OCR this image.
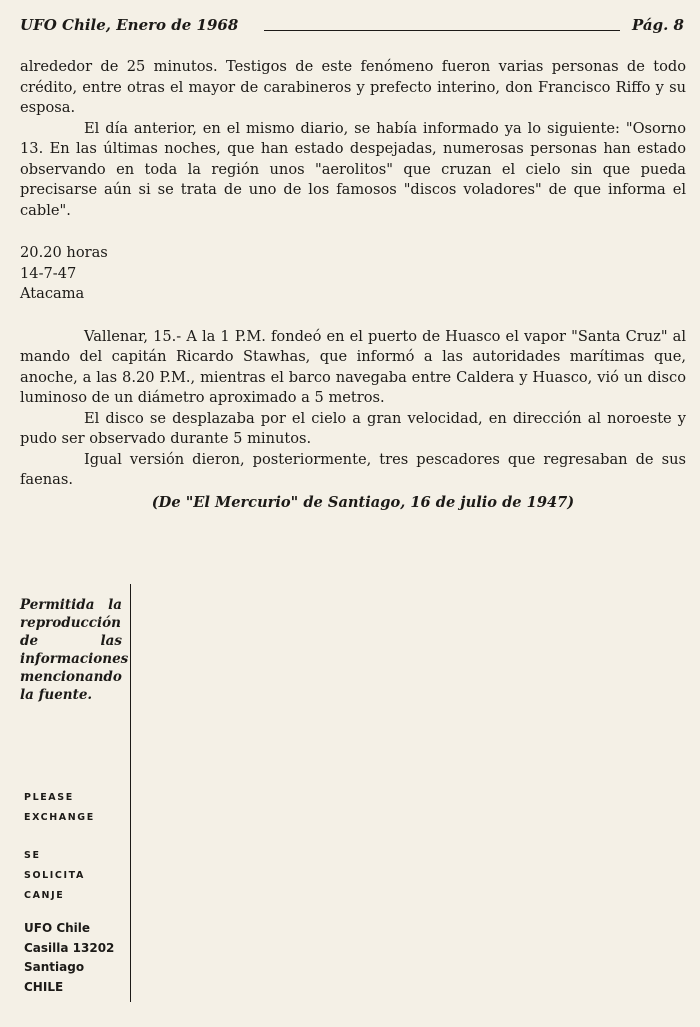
UFO Chile, Enero de 1968	Pág. 8

alrededor de 25 minutos. Testigos de este fenómeno fueron varias personas de todo crédito, entre otras el mayor de carabineros y prefecto interino, don Francisco Riffo y su esposa.

El día anterior, en el mismo diario, se había informado ya lo siguiente: "Osorno 13. En las últimas noches, que han estado despejadas, numerosas personas han estado observando en toda la región unos "aerolitos" que cruzan el cielo sin que pueda precisarse aún si se trata de uno de los famosos "discos voladores" de que informa el cable".

20.20 horas

14-7-47

Atacama

Vallenar, 15.- A la 1 P.M. fondeó en el puerto de Huasco el vapor "Santa Cruz" al mando del capitán Ricardo Stawhas, que informó a las autoridades marítimas que, anoche, a las 8.20 P.M., mientras el barco navegaba entre Caldera y Huasco, vió un disco luminoso de un diámetro aproximado a 5 metros.

El disco se desplazaba por el cielo a gran velocidad, en dirección al noroeste y pudo ser observado durante 5 minutos.

Igual versión dieron, posteriormente, tres pescadores que regresaban de sus faenas.

(De "El Mercurio" de Santiago, 16 de julio de 1947)

Permitida la reproducción de las informaciones mencionando la fuente.
PLEASE
EXCHANGE
SE
SOLICITA
CANJE
UFO Chile
Casilla 13202
Santiago
CHILE
